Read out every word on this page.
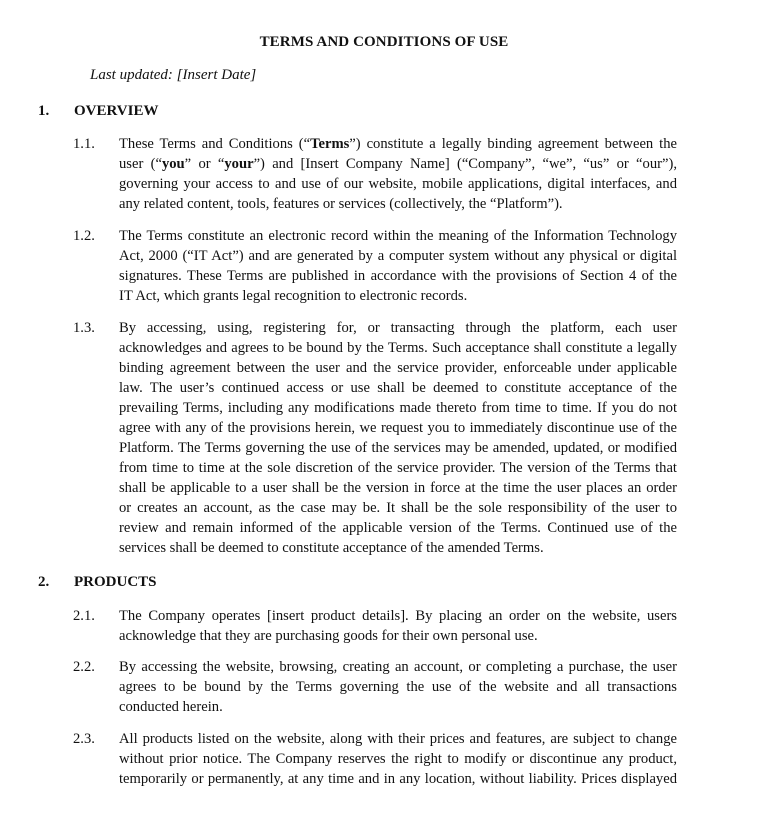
TERMS AND CONDITIONS OF USE
Last updated: [Insert Date]
1. OVERVIEW
1.1. These Terms and Conditions (“Terms”) constitute a legally binding agreement between the
user (“you” or “your”) and [Insert Company Name] (“Company”, “we”, “us” or “our”),
governing your access to and use of our website, mobile applications, digital interfaces, and
any related content, tools, features or services (collectively, the “Platform”).
1.2. The Terms constitute an electronic record within the meaning of the Information Technology
Act, 2000 (“IT Act”) and are generated by a computer system without any physical or digital
signatures. These Terms are published in accordance with the provisions of Section 4 of the
IT Act, which grants legal recognition to electronic records.
1.3. By accessing, using, registering for, or transacting through the platform, each user
acknowledges and agrees to be bound by the Terms. Such acceptance shall constitute a legally
binding agreement between the user and the service provider, enforceable under applicable
law. The user’s continued access or use shall be deemed to constitute acceptance of the
prevailing Terms, including any modifications made thereto from time to time. If you do not
agree with any of the provisions herein, we request you to immediately discontinue use of the
Platform. The Terms governing the use of the services may be amended, updated, or modified
from time to time at the sole discretion of the service provider. The version of the Terms that
shall be applicable to a user shall be the version in force at the time the user places an order
or creates an account, as the case may be. It shall be the sole responsibility of the user to
review and remain informed of the applicable version of the Terms. Continued use of the
services shall be deemed to constitute acceptance of the amended Terms.
2. PRODUCTS
2.1. The Company operates [insert product details]. By placing an order on the website, users
acknowledge that they are purchasing goods for their own personal use.
2.2. By accessing the website, browsing, creating an account, or completing a purchase, the user
agrees to be bound by the Terms governing the use of the website and all transactions
conducted herein.
2.3. All products listed on the website, along with their prices and features, are subject to change
without prior notice. The Company reserves the right to modify or discontinue any product,
temporarily or permanently, at any time and in any location, without liability. Prices displayed
